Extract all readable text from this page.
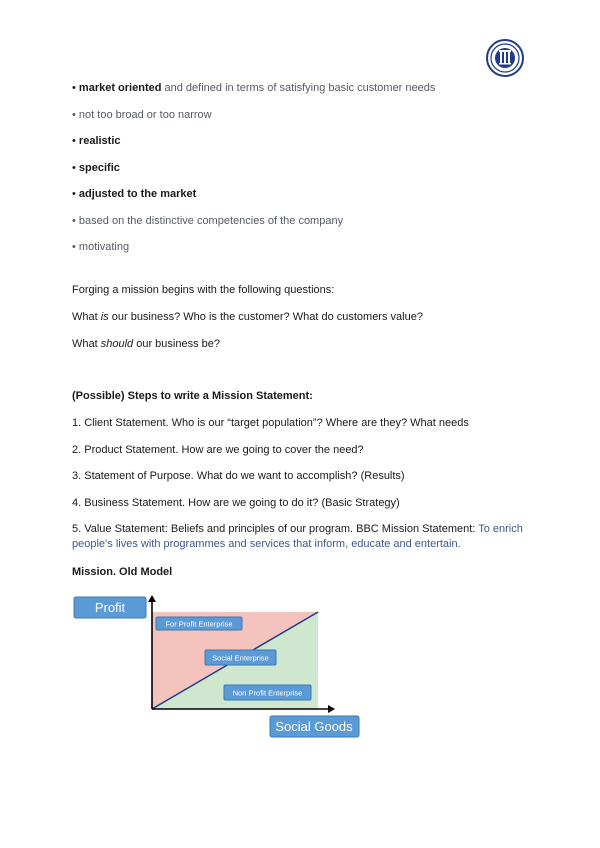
• market oriented and defined in terms of satisfying basic customer needs
• not too broad or too narrow
• realistic
• specific
• adjusted to the market
• based on the distinctive competencies of the company
• motivating
Forging a mission begins with the following questions:
What is our business? Who is the customer? What do customers value?
What should our business be?
(Possible) Steps to write a Mission Statement:
1. Client Statement. Who is our “target population”? Where are they? What needs
2. Product Statement. How are we going to cover the need?
3. Statement of Purpose. What do we want to accomplish? (Results)
4. Business Statement. How are we going to do it? (Basic Strategy)
5. Value Statement: Beliefs and principles of our program. BBC Mission Statement: To enrich
people’s lives with programmes and services that inform, educate and entertain.
Mission. Old Model
Profit
Social Goods
For Profit Enterprise
Social Enterprise
Non Profit Enterprise
